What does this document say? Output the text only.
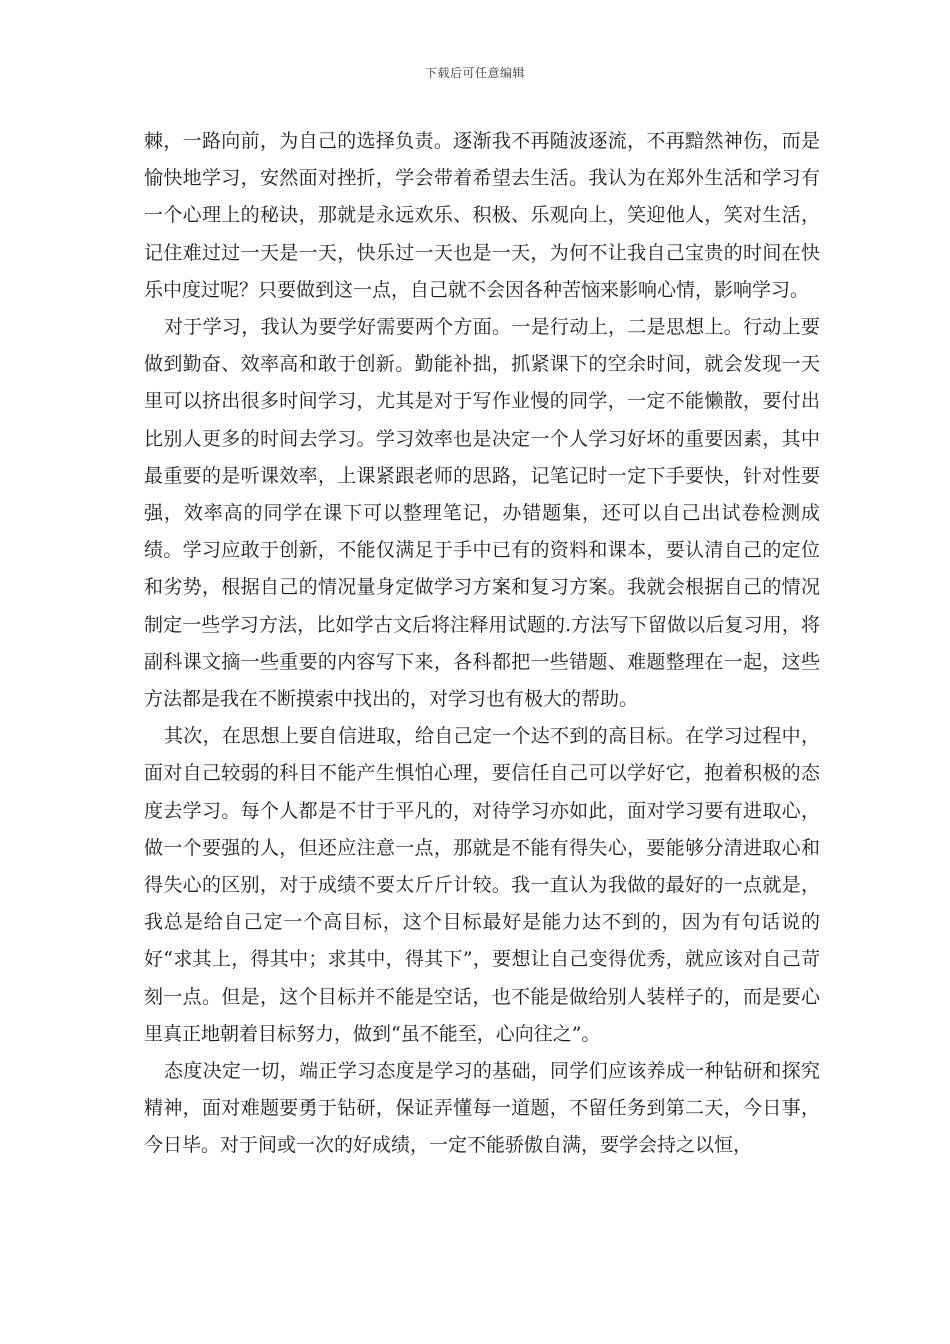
下载后可任意编辑

棘，一路向前，为自己的选择负责。逐渐我不再随波逐流，不再黯然神伤，而是愉快地学习，安然面对挫折，学会带着希望去生活。我认为在郑外生活和学习有一个心理上的秘诀，那就是永远欢乐、积极、乐观向上，笑迎他人，笑对生活，记住难过过一天是一天，快乐过一天也是一天，为何不让我自己宝贵的时间在快乐中度过呢？只要做到这一点，自己就不会因各种苦恼来影响心情，影响学习。

对于学习，我认为要学好需要两个方面。一是行动上，二是思想上。行动上要做到勤奋、效率高和敢于创新。勤能补拙，抓紧课下的空余时间，就会发现一天里可以挤出很多时间学习，尤其是对于写作业慢的同学，一定不能懒散，要付出比别人更多的时间去学习。学习效率也是决定一个人学习好坏的重要因素，其中最重要的是听课效率，上课紧跟老师的思路，记笔记时一定下手要快，针对性要强，效率高的同学在课下可以整理笔记，办错题集，还可以自己出试卷检测成绩。学习应敢于创新，不能仅满足于手中已有的资料和课本，要认清自己的定位和劣势，根据自己的情况量身定做学习方案和复习方案。我就会根据自己的情况制定一些学习方法，比如学古文后将注释用试题的.方法写下留做以后复习用，将副科课文摘一些重要的内容写下来，各科都把一些错题、难题整理在一起，这些方法都是我在不断摸索中找出的，对学习也有极大的帮助。

其次，在思想上要自信进取，给自己定一个达不到的高目标。在学习过程中，面对自己较弱的科目不能产生惧怕心理，要信任自己可以学好它，抱着积极的态度去学习。每个人都是不甘于平凡的，对待学习亦如此，面对学习要有进取心，做一个要强的人，但还应注意一点，那就是不能有得失心，要能够分清进取心和得失心的区别，对于成绩不要太斤斤计较。我一直认为我做的最好的一点就是，我总是给自己定一个高目标，这个目标最好是能力达不到的，因为有句话说的好“求其上，得其中；求其中，得其下”，要想让自己变得优秀，就应该对自己苛刻一点。但是，这个目标并不能是空话，也不能是做给别人装样子的，而是要心里真正地朝着目标努力，做到“虽不能至，心向往之”。

态度决定一切，端正学习态度是学习的基础，同学们应该养成一种钻研和探究精神，面对难题要勇于钻研，保证弄懂每一道题，不留任务到第二天，今日事，今日毕。对于间或一次的好成绩，一定不能骄傲自满，要学会持之以恒，
